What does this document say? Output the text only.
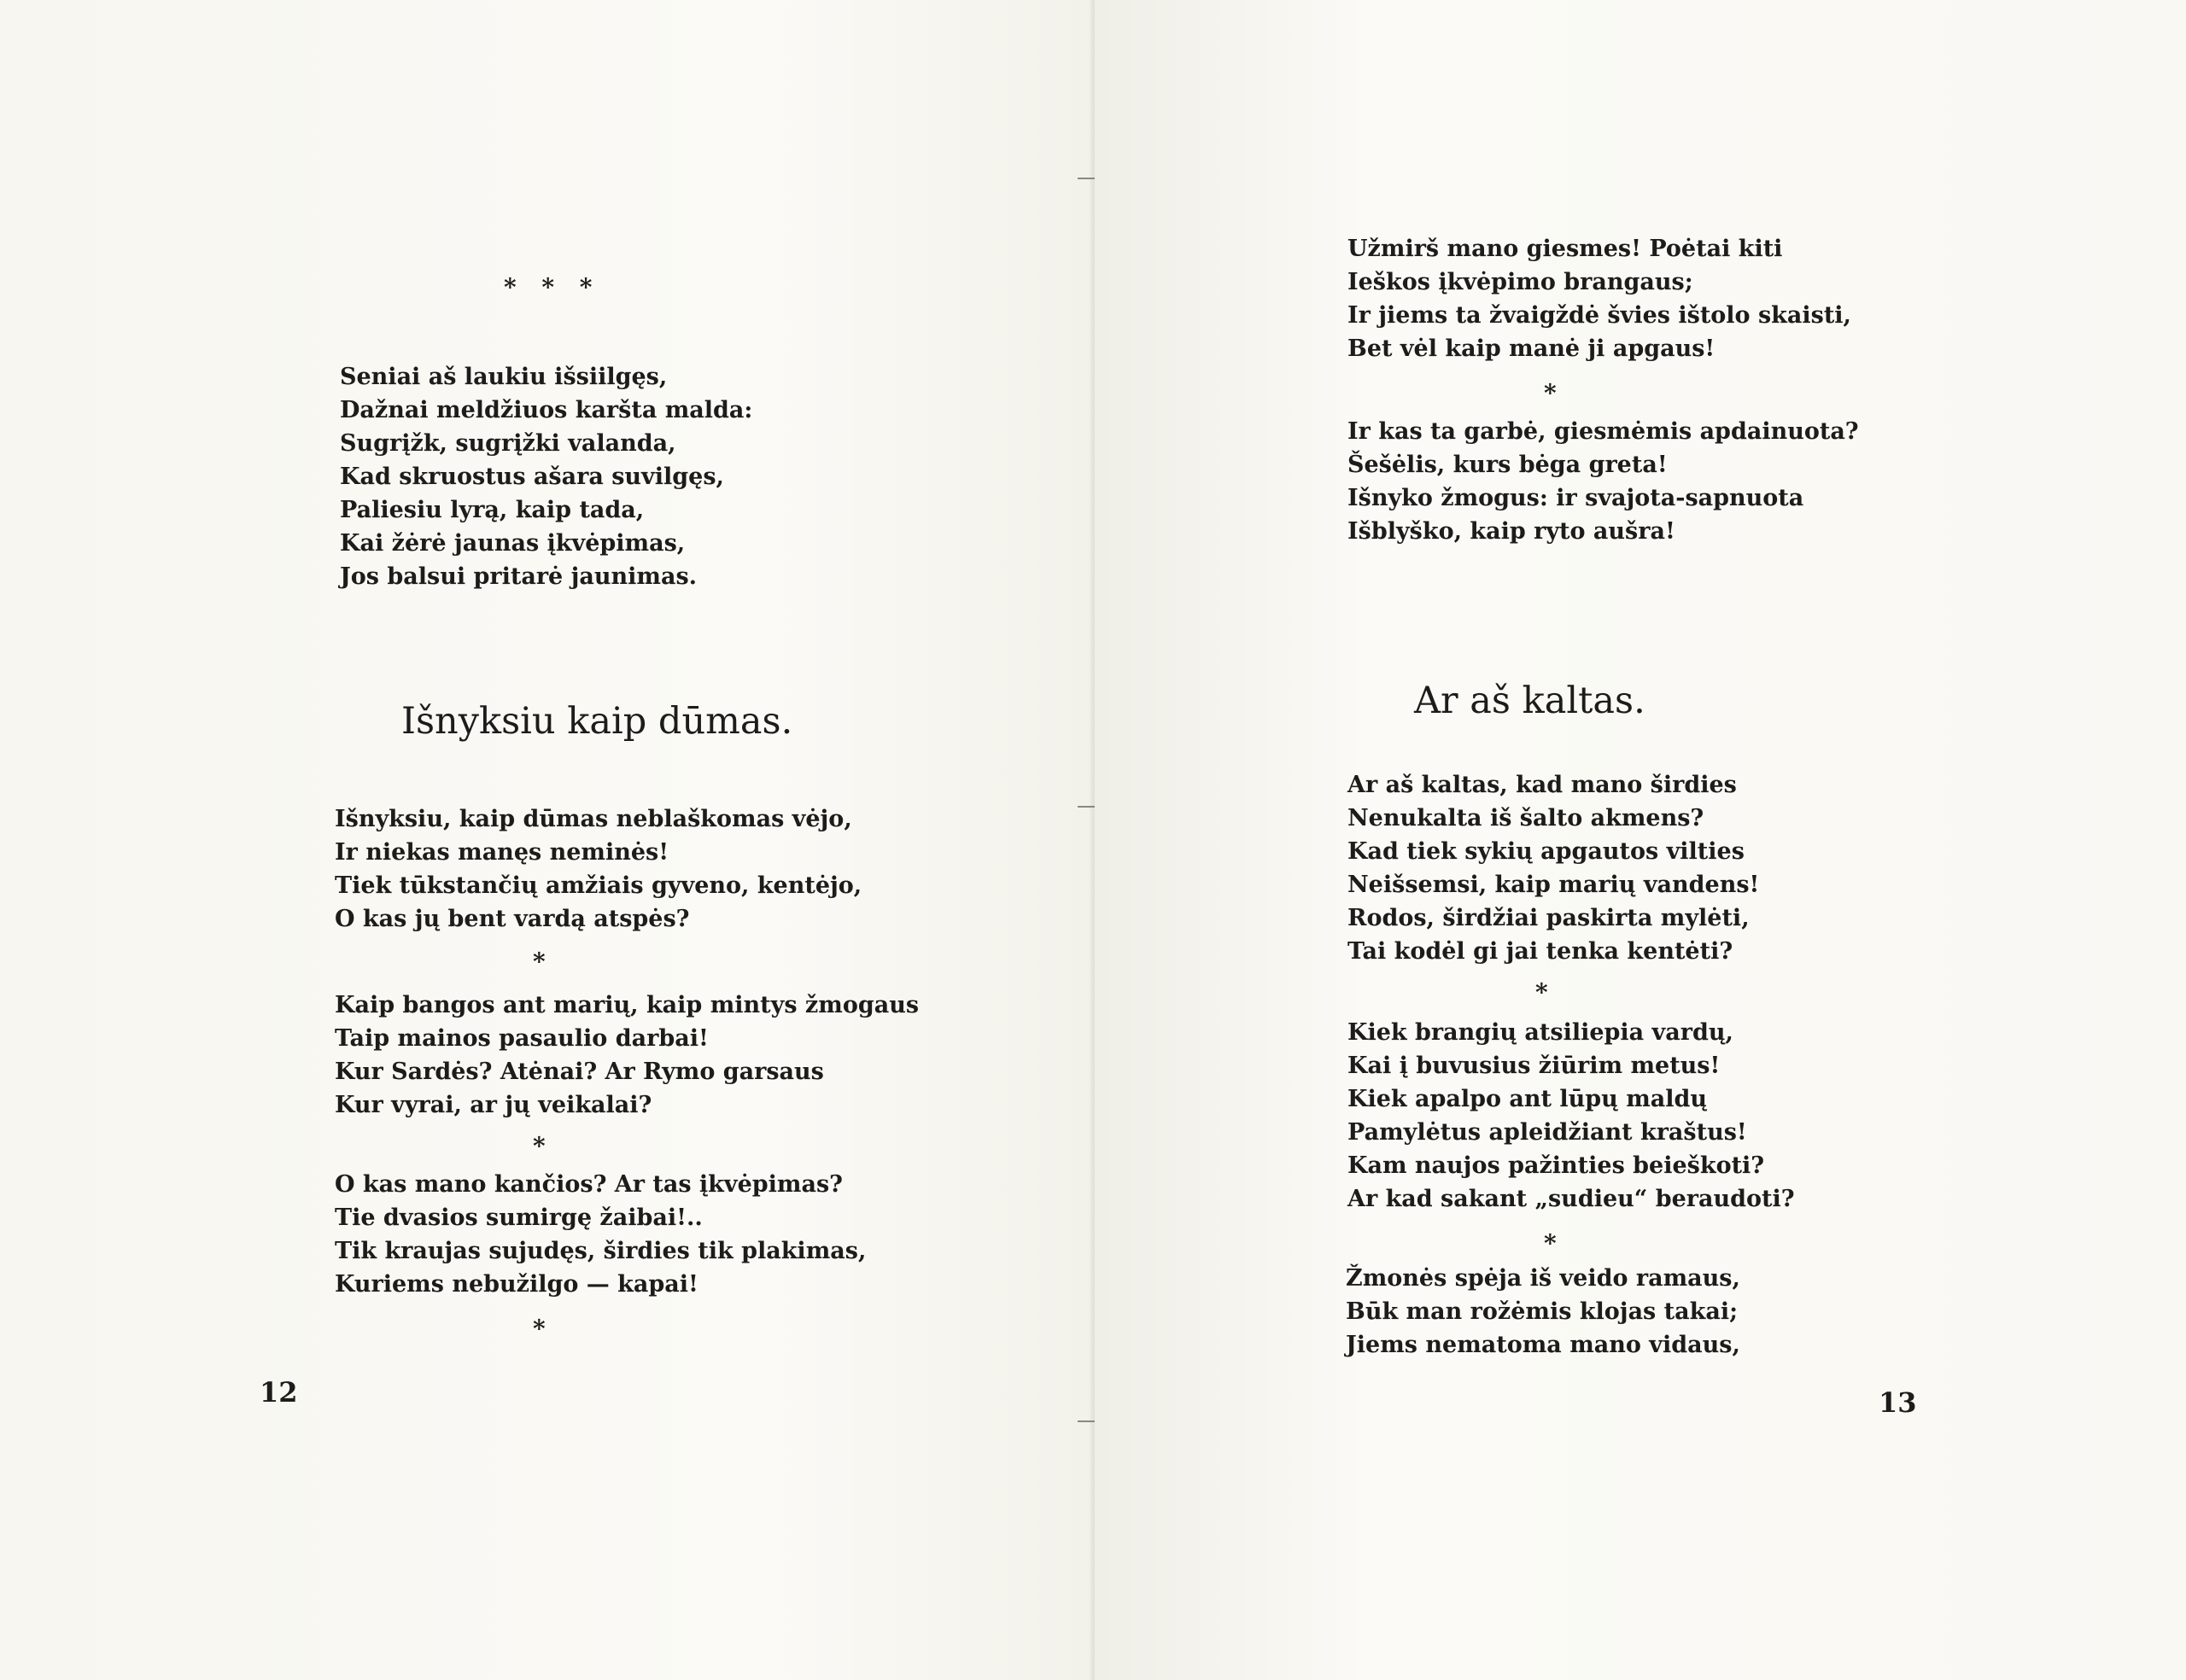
* * *
Seniai aš laukiu išsiilgęs,
Dažnai meldžiuos karšta malda:
Sugrįžk, sugrįžki valanda,
Kad skruostus ašara suvilgęs,
Paliesiu lyrą, kaip tada,
Kai žėrė jaunas įkvėpimas,
Jos balsui pritarė jaunimas.
Išnyksiu kaip dūmas.
Išnyksiu, kaip dūmas neblaškomas vėjo,
Ir niekas manęs neminės!
Tiek tūkstančių amžiais gyveno, kentėjo,
O kas jų bent vardą atspės?
*
Kaip bangos ant marių, kaip mintys žmogaus
Taip mainos pasaulio darbai!
Kur Sardės? Atėnai? Ar Rymo garsaus
Kur vyrai, ar jų veikalai?
*
O kas mano kančios? Ar tas įkvėpimas?
Tie dvasios sumirgę žaibai!..
Tik kraujas sujudęs, širdies tik plakimas,
Kuriems nebužilgo — kapai!
*
12
Užmirš mano giesmes! Poėtai kiti
Ieškos įkvėpimo brangaus;
Ir jiems ta žvaigždė švies ištolo skaisti,
Bet vėl kaip manė ji apgaus!
*
Ir kas ta garbė, giesmėmis apdainuota?
Šešėlis, kurs bėga greta!
Išnyko žmogus: ir svajota-sapnuota
Išblyško, kaip ryto aušra!
Ar aš kaltas.
Ar aš kaltas, kad mano širdies
Nenukalta iš šalto akmens?
Kad tiek sykių apgautos vilties
Neišsemsi, kaip marių vandens!
Rodos, širdžiai paskirta mylėti,
Tai kodėl gi jai tenka kentėti?
*
Kiek brangių atsiliepia vardų,
Kai į buvusius žiūrim metus!
Kiek apalpo ant lūpų maldų
Pamylėtus apleidžiant kraštus!
Kam naujos pažinties beieškoti?
Ar kad sakant „sudieu“ beraudoti?
*
Žmonės spėja iš veido ramaus,
Būk man rožėmis klojas takai;
Jiems nematoma mano vidaus,
13
